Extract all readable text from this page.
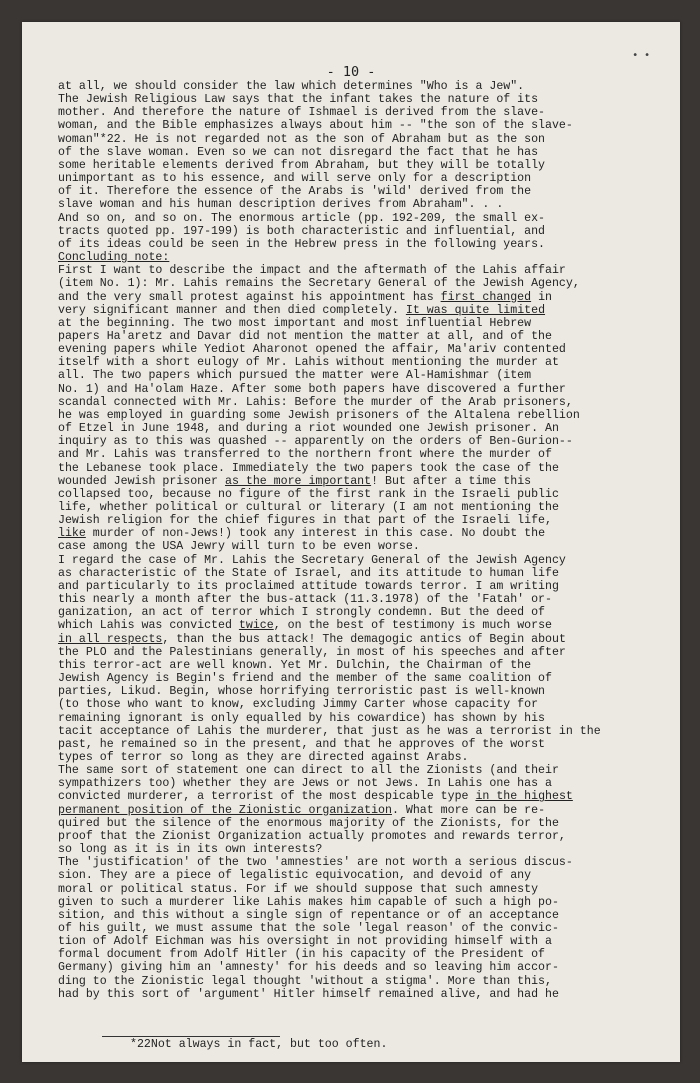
••
- 10 -
at all, we should consider the law which determines "Who is a Jew".
The Jewish Religious Law says that the infant takes the nature of its
mother. And therefore the nature of Ishmael is derived from the slave-
woman, and the Bible emphasizes always about him -- "the son of the slave-
woman"*22. He is not regarded not as the son of Abraham but as the son
of the slave woman. Even so we can not disregard the fact that he has
some heritable elements derived from Abraham, but they will be totally
unimportant as to his essence, and will serve only for a description
of it. Therefore the essence of the Arabs is 'wild' derived from the
slave woman and his human description derives from Abraham". . .
And so on, and so on. The enormous article (pp. 192-209, the small ex-
tracts quoted pp. 197-199) is both characteristic and influential, and
of its ideas could be seen in the Hebrew press in the following years.
Concluding note:
First I want to describe the impact and the aftermath of the Lahis affair
(item No. 1): Mr. Lahis remains the Secretary General of the Jewish Agency,
and the very small protest against his appointment has first changed in
very significant manner and then died completely. It was quite limited
at the beginning. The two most important and most influential Hebrew
papers Ha'aretz and Davar did not mention the matter at all, and of the
evening papers while Yediot Aharonot opened the affair, Ma'ariv contented
itself with a short eulogy of Mr. Lahis without mentioning the murder at
all. The two papers which pursued the matter were Al-Hamishmar (item
No. 1) and Ha'olam Haze. After some both papers have discovered a further
scandal connected with Mr. Lahis: Before the murder of the Arab prisoners,
he was employed in guarding some Jewish prisoners of the Altalena rebellion
of Etzel in June 1948, and during a riot wounded one Jewish prisoner. An
inquiry as to this was quashed -- apparently on the orders of Ben-Gurion--
and Mr. Lahis was transferred to the northern front where the murder of
the Lebanese took place. Immediately the two papers took the case of the
wounded Jewish prisoner as the more important! But after a time this
collapsed too, because no figure of the first rank in the Israeli public
life, whether political or cultural or literary (I am not mentioning the
Jewish religion for the chief figures in that part of the Israeli life,
like murder of non-Jews!) took any interest in this case. No doubt the
case among the USA Jewry will turn to be even worse.
I regard the case of Mr. Lahis the Secretary General of the Jewish Agency
as characteristic of the State of Israel, and its attitude to human life
and particularly to its proclaimed attitude towards terror. I am writing
this nearly a month after the bus-attack (11.3.1978) of the 'Fatah' or-
ganization, an act of terror which I strongly condemn. But the deed of
which Lahis was convicted twice, on the best of testimony is much worse
in all respects, than the bus attack! The demagogic antics of Begin about
the PLO and the Palestinians generally, in most of his speeches and after
this terror-act are well known. Yet Mr. Dulchin, the Chairman of the
Jewish Agency is Begin's friend and the member of the same coalition of
parties, Likud. Begin, whose horrifying terroristic past is well-known
(to those who want to know, excluding Jimmy Carter whose capacity for
remaining ignorant is only equalled by his cowardice) has shown by his
tacit acceptance of Lahis the murderer, that just as he was a terrorist in the
past, he remained so in the present, and that he approves of the worst
types of terror so long as they are directed against Arabs.
The same sort of statement one can direct to all the Zionists (and their
sympathizers too) whether they are Jews or not Jews. In Lahis one has a
convicted murderer, a terrorist of the most despicable type in the highest
permanent position of the Zionistic organization. What more can be re-
quired but the silence of the enormous majority of the Zionists, for the
proof that the Zionist Organization actually promotes and rewards terror,
so long as it is in its own interests?
The 'justification' of the two 'amnesties' are not worth a serious discus-
sion. They are a piece of legalistic equivocation, and devoid of any
moral or political status. For if we should suppose that such amnesty
given to such a murderer like Lahis makes him capable of such a high po-
sition, and this without a single sign of repentance or of an acceptance
of his guilt, we must assume that the sole 'legal reason' of the convic-
tion of Adolf Eichman was his oversight in not providing himself with a
formal document from Adolf Hitler (in his capacity of the President of
Germany) giving him an 'amnesty' for his deeds and so leaving him accor-
ding to the Zionistic legal thought 'without a stigma'. More than this,
had by this sort of 'argument' Hitler himself remained alive, and had he
*22Not always in fact, but too often.
